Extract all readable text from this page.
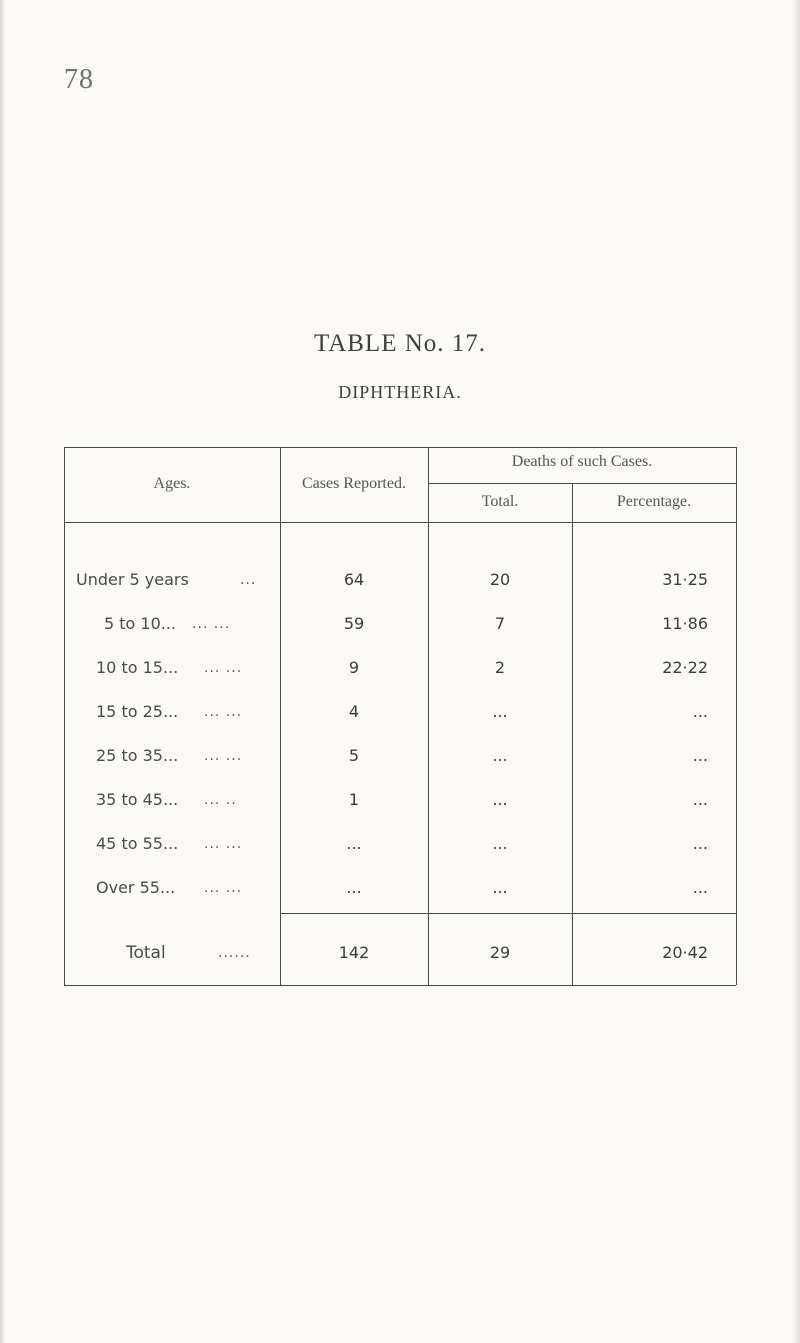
78
TABLE No. 17.
DIPHTHERIA.
Ages.	Cases Reported.
Deaths of such Cases.
Total.	Percentage.
Under 5 years	...	64	20	31·25
5 to 10... ... ...	59	7	11·86
10 to 15... ... ...	9	2	22·22
15 to 25... ... ...	4	...	...
25 to 35... ... ...	5	...	...
35 to 45... ... ..	1	...	...
45 to 55... ... ...	...	...	...
Over 55... ... ...	...	...	...
Total	......	142	29	20·42
